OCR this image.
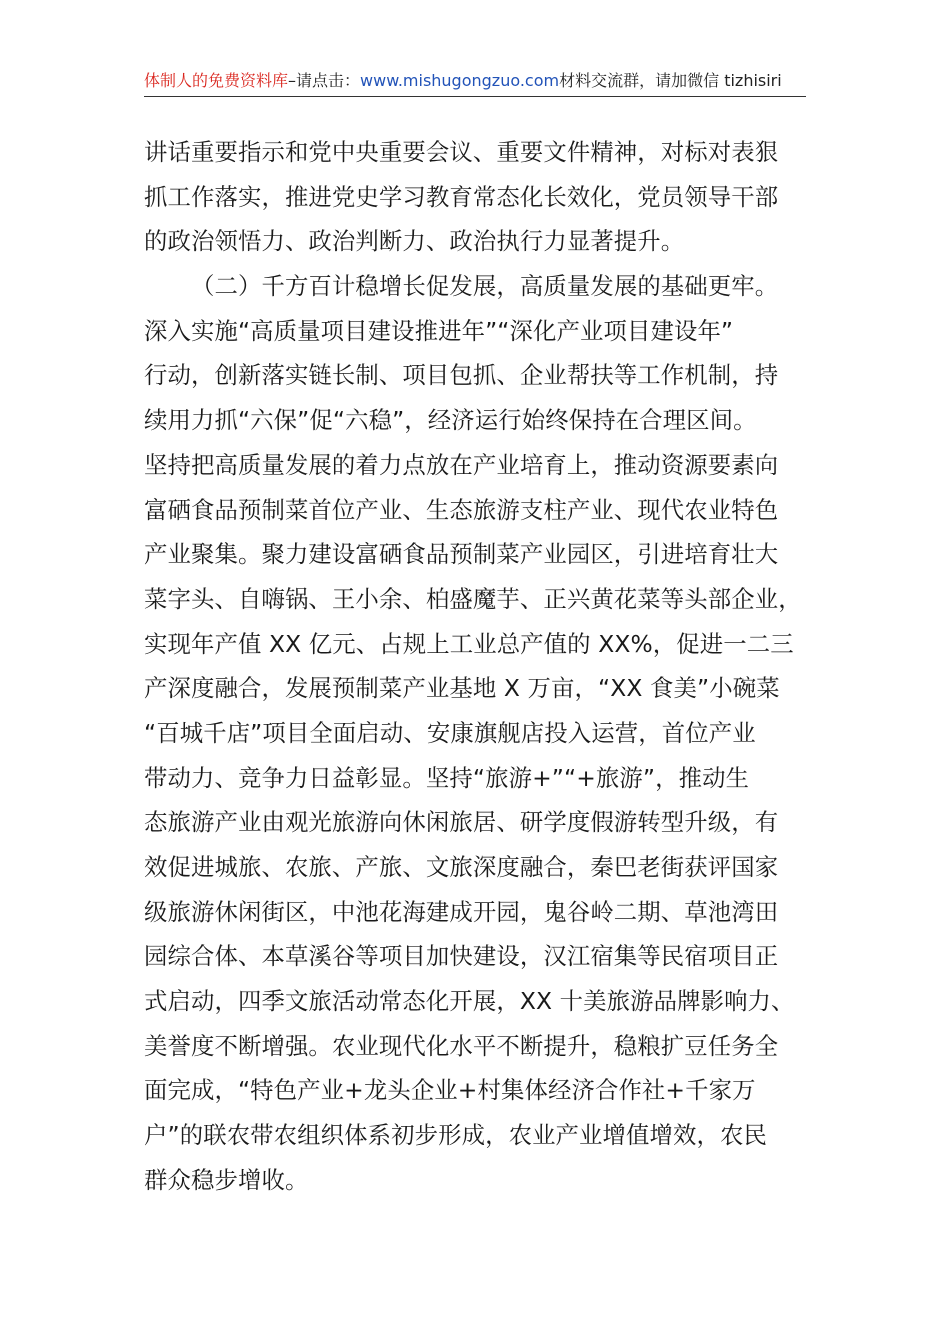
体制人的免费资料库–请点击：www.mishugongzuo.com材料交流群，请加微信 tizhisiri
讲话重要指示和党中央重要会议、重要文件精神，对标对表狠
抓工作落实，推进党史学习教育常态化长效化，党员领导干部
的政治领悟力、政治判断力、政治执行力显著提升。
（二）千方百计稳增长促发展，高质量发展的基础更牢。
深入实施“高质量项目建设推进年”“深化产业项目建设年”
行动，创新落实链长制、项目包抓、企业帮扶等工作机制，持
续用力抓“六保”促“六稳”，经济运行始终保持在合理区间。
坚持把高质量发展的着力点放在产业培育上，推动资源要素向
富硒食品预制菜首位产业、生态旅游支柱产业、现代农业特色
产业聚集。聚力建设富硒食品预制菜产业园区，引进培育壮大
菜字头、自嗨锅、王小余、柏盛魔芋、正兴黄花菜等头部企业，
实现年产值 XX 亿元、占规上工业总产值的 XX%，促进一二三
产深度融合，发展预制菜产业基地 X 万亩，“XX 食美”小碗菜
“百城千店”项目全面启动、安康旗舰店投入运营，首位产业
带动力、竞争力日益彰显。坚持“旅游+”“+旅游”，推动生
态旅游产业由观光旅游向休闲旅居、研学度假游转型升级，有
效促进城旅、农旅、产旅、文旅深度融合，秦巴老街获评国家
级旅游休闲街区，中池花海建成开园，鬼谷岭二期、草池湾田
园综合体、本草溪谷等项目加快建设，汉江宿集等民宿项目正
式启动，四季文旅活动常态化开展，XX 十美旅游品牌影响力、
美誉度不断增强。农业现代化水平不断提升，稳粮扩豆任务全
面完成，“特色产业+龙头企业+村集体经济合作社+千家万
户”的联农带农组织体系初步形成，农业产业增值增效，农民
群众稳步增收。
